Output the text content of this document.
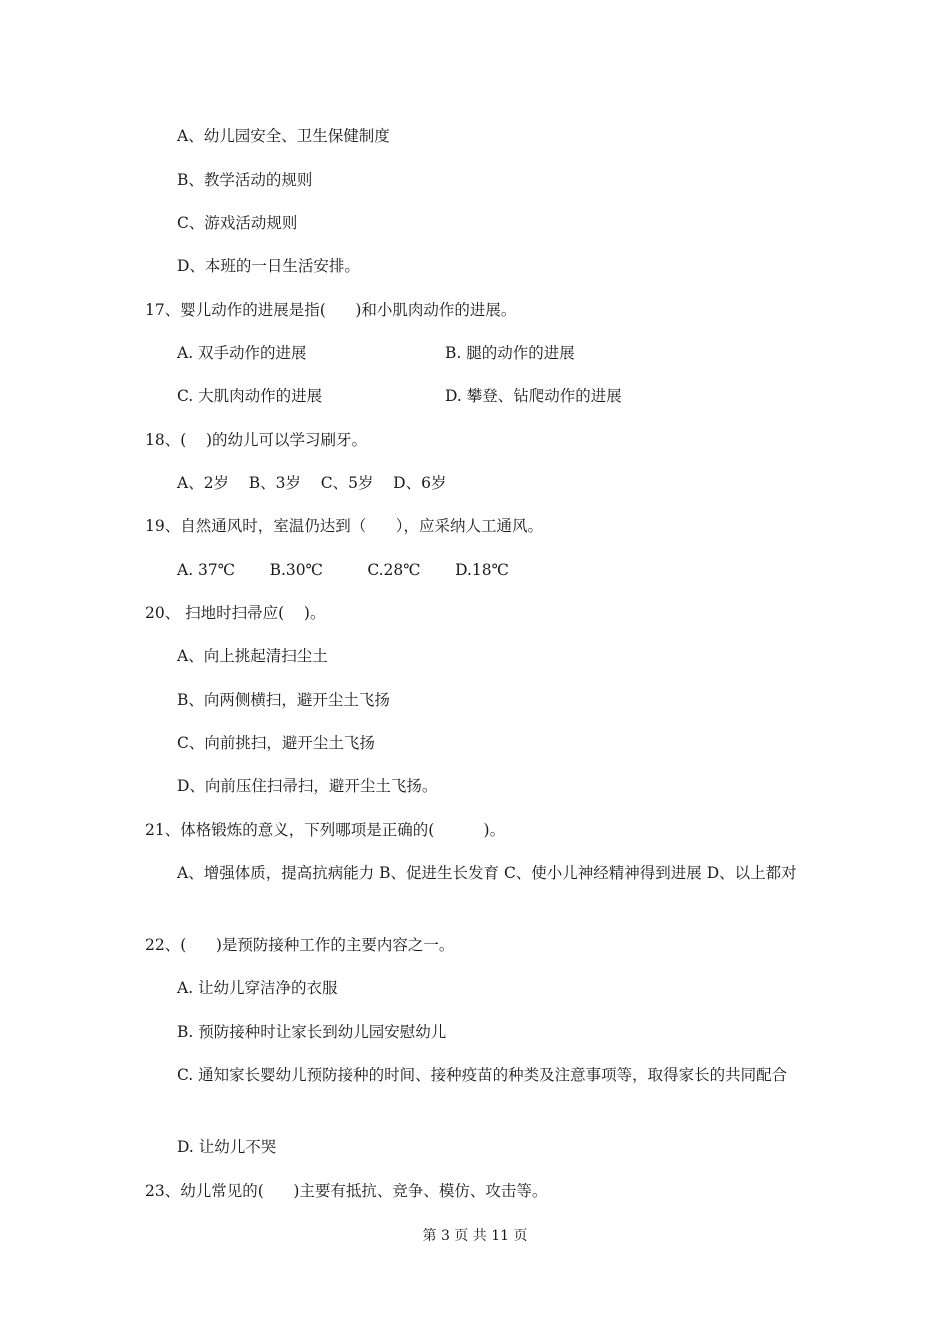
A、幼儿园安全、卫生保健制度
B、教学活动的规则
C、游戏活动规则
D、本班的一日生活安排。
17、婴儿动作的进展是指(      )和小肌肉动作的进展。
A. 双手动作的进展	B. 腿的动作的进展
C. 大肌肉动作的进展	D. 攀登、钻爬动作的进展
18、(    )的幼儿可以学习刷牙。
A、2岁    B、3岁    C、5岁    D、6岁
19、自然通风时，室温仍达到（      ），应采纳人工通风。
A. 37℃       B.30℃         C.28℃       D.18℃
20、 扫地时扫帚应(    )。
A、向上挑起清扫尘土
B、向两侧横扫，避开尘土飞扬
C、向前挑扫，避开尘土飞扬
D、向前压住扫帚扫，避开尘土飞扬。
21、体格锻炼的意义，下列哪项是正确的(          )。
A、增强体质，提高抗病能力 B、促进生长发育 C、使小儿神经精神得到进展 D、以上都对
22、(      )是预防接种工作的主要内容之一。
A. 让幼儿穿洁净的衣服
B. 预防接种时让家长到幼儿园安慰幼儿
C. 通知家长婴幼儿预防接种的时间、接种疫苗的种类及注意事项等，取得家长的共同配合
D. 让幼儿不哭
23、幼儿常见的(      )主要有抵抗、竞争、模仿、攻击等。
第 3 页 共 11 页
